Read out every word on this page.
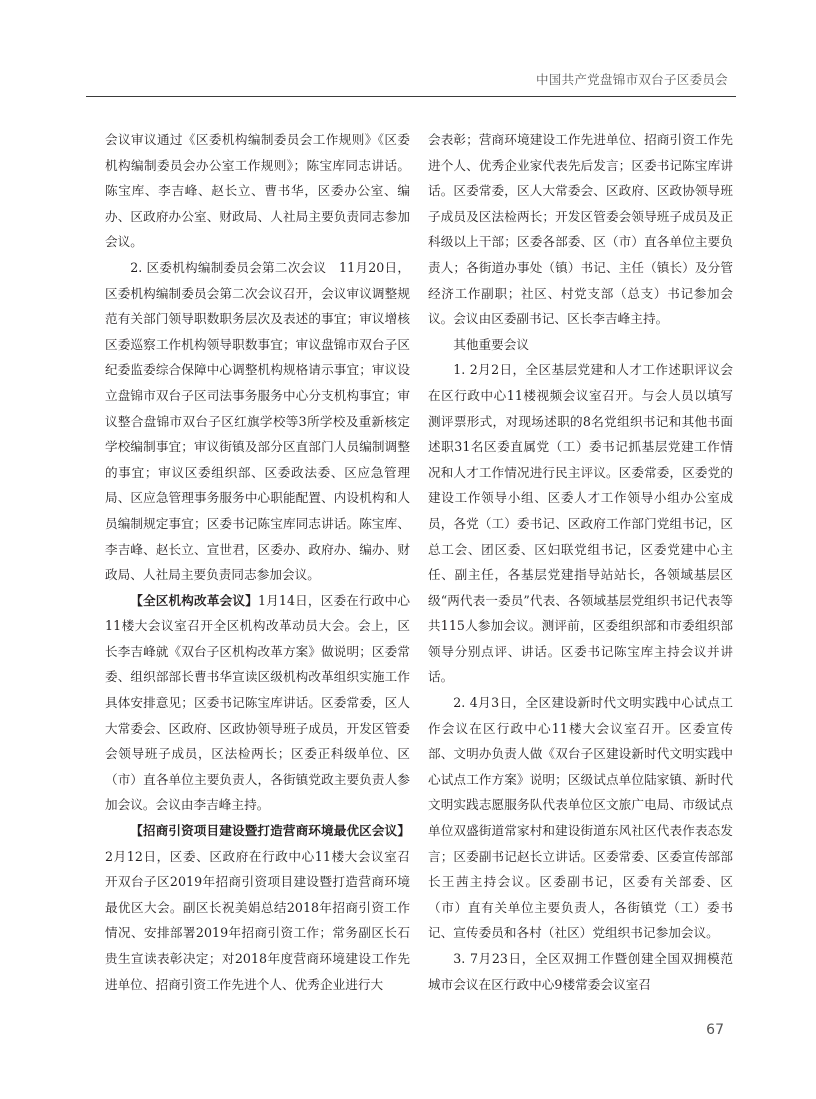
中国共产党盘锦市双台子区委员会

会议审议通过《区委机构编制委员会工作规则》《区委机构编制委员会办公室工作规则》；陈宝库同志讲话。陈宝库、李吉峰、赵长立、曹书华，区委办公室、编办、区政府办公室、财政局、人社局主要负责同志参加会议。

2. 区委机构编制委员会第二次会议　11月20日，区委机构编制委员会第二次会议召开，会议审议调整规范有关部门领导职数职务层次及表述的事宜；审议增核区委巡察工作机构领导职数事宜；审议盘锦市双台子区纪委监委综合保障中心调整机构规格请示事宜；审议设立盘锦市双台子区司法事务服务中心分支机构事宜；审议整合盘锦市双台子区红旗学校等3所学校及重新核定学校编制事宜；审议街镇及部分区直部门人员编制调整的事宜；审议区委组织部、区委政法委、区应急管理局、区应急管理事务服务中心职能配置、内设机构和人员编制规定事宜；区委书记陈宝库同志讲话。陈宝库、李吉峰、赵长立、宣世君，区委办、政府办、编办、财政局、人社局主要负责同志参加会议。

【全区机构改革会议】1月14日，区委在行政中心11楼大会议室召开全区机构改革动员大会。会上，区长李吉峰就《双台子区机构改革方案》做说明；区委常委、组织部部长曹书华宣读区级机构改革组织实施工作具体安排意见；区委书记陈宝库讲话。区委常委，区人大常委会、区政府、区政协领导班子成员，开发区管委会领导班子成员，区法检两长；区委正科级单位、区（市）直各单位主要负责人，各街镇党政主要负责人参加会议。会议由李吉峰主持。

【招商引资项目建设暨打造营商环境最优区会议】2月12日，区委、区政府在行政中心11楼大会议室召开双台子区2019年招商引资项目建设暨打造营商环境最优区大会。副区长祝美娟总结2018年招商引资工作情况、安排部署2019年招商引资工作；常务副区长石贵生宣读表彰决定；对2018年度营商环境建设工作先进单位、招商引资工作先进个人、优秀企业进行大

会表彰；营商环境建设工作先进单位、招商引资工作先进个人、优秀企业家代表先后发言；区委书记陈宝库讲话。区委常委，区人大常委会、区政府、区政协领导班子成员及区法检两长；开发区管委会领导班子成员及正科级以上干部；区委各部委、区（市）直各单位主要负责人；各街道办事处（镇）书记、主任（镇长）及分管经济工作副职；社区、村党支部（总支）书记参加会议。会议由区委副书记、区长李吉峰主持。

其他重要会议

1. 2月2日，全区基层党建和人才工作述职评议会在区行政中心11楼视频会议室召开。与会人员以填写测评票形式，对现场述职的8名党组织书记和其他书面述职31名区委直属党（工）委书记抓基层党建工作情况和人才工作情况进行民主评议。区委常委，区委党的建设工作领导小组、区委人才工作领导小组办公室成员，各党（工）委书记、区政府工作部门党组书记，区总工会、团区委、区妇联党组书记，区委党建中心主任、副主任，各基层党建指导站站长，各领域基层区级“两代表一委员”代表、各领域基层党组织书记代表等共115人参加会议。测评前，区委组织部和市委组织部领导分别点评、讲话。区委书记陈宝库主持会议并讲话。

2. 4月3日，全区建设新时代文明实践中心试点工作会议在区行政中心11楼大会议室召开。区委宣传部、文明办负责人做《双台子区建设新时代文明实践中心试点工作方案》说明；区级试点单位陆家镇、新时代文明实践志愿服务队代表单位区文旅广电局、市级试点单位双盛街道常家村和建设街道东风社区代表作表态发言；区委副书记赵长立讲话。区委常委、区委宣传部部长王茜主持会议。区委副书记，区委有关部委、区（市）直有关单位主要负责人，各街镇党（工）委书记、宣传委员和各村（社区）党组织书记参加会议。

3. 7月23日，全区双拥工作暨创建全国双拥模范城市会议在区行政中心9楼常委会议室召

67
